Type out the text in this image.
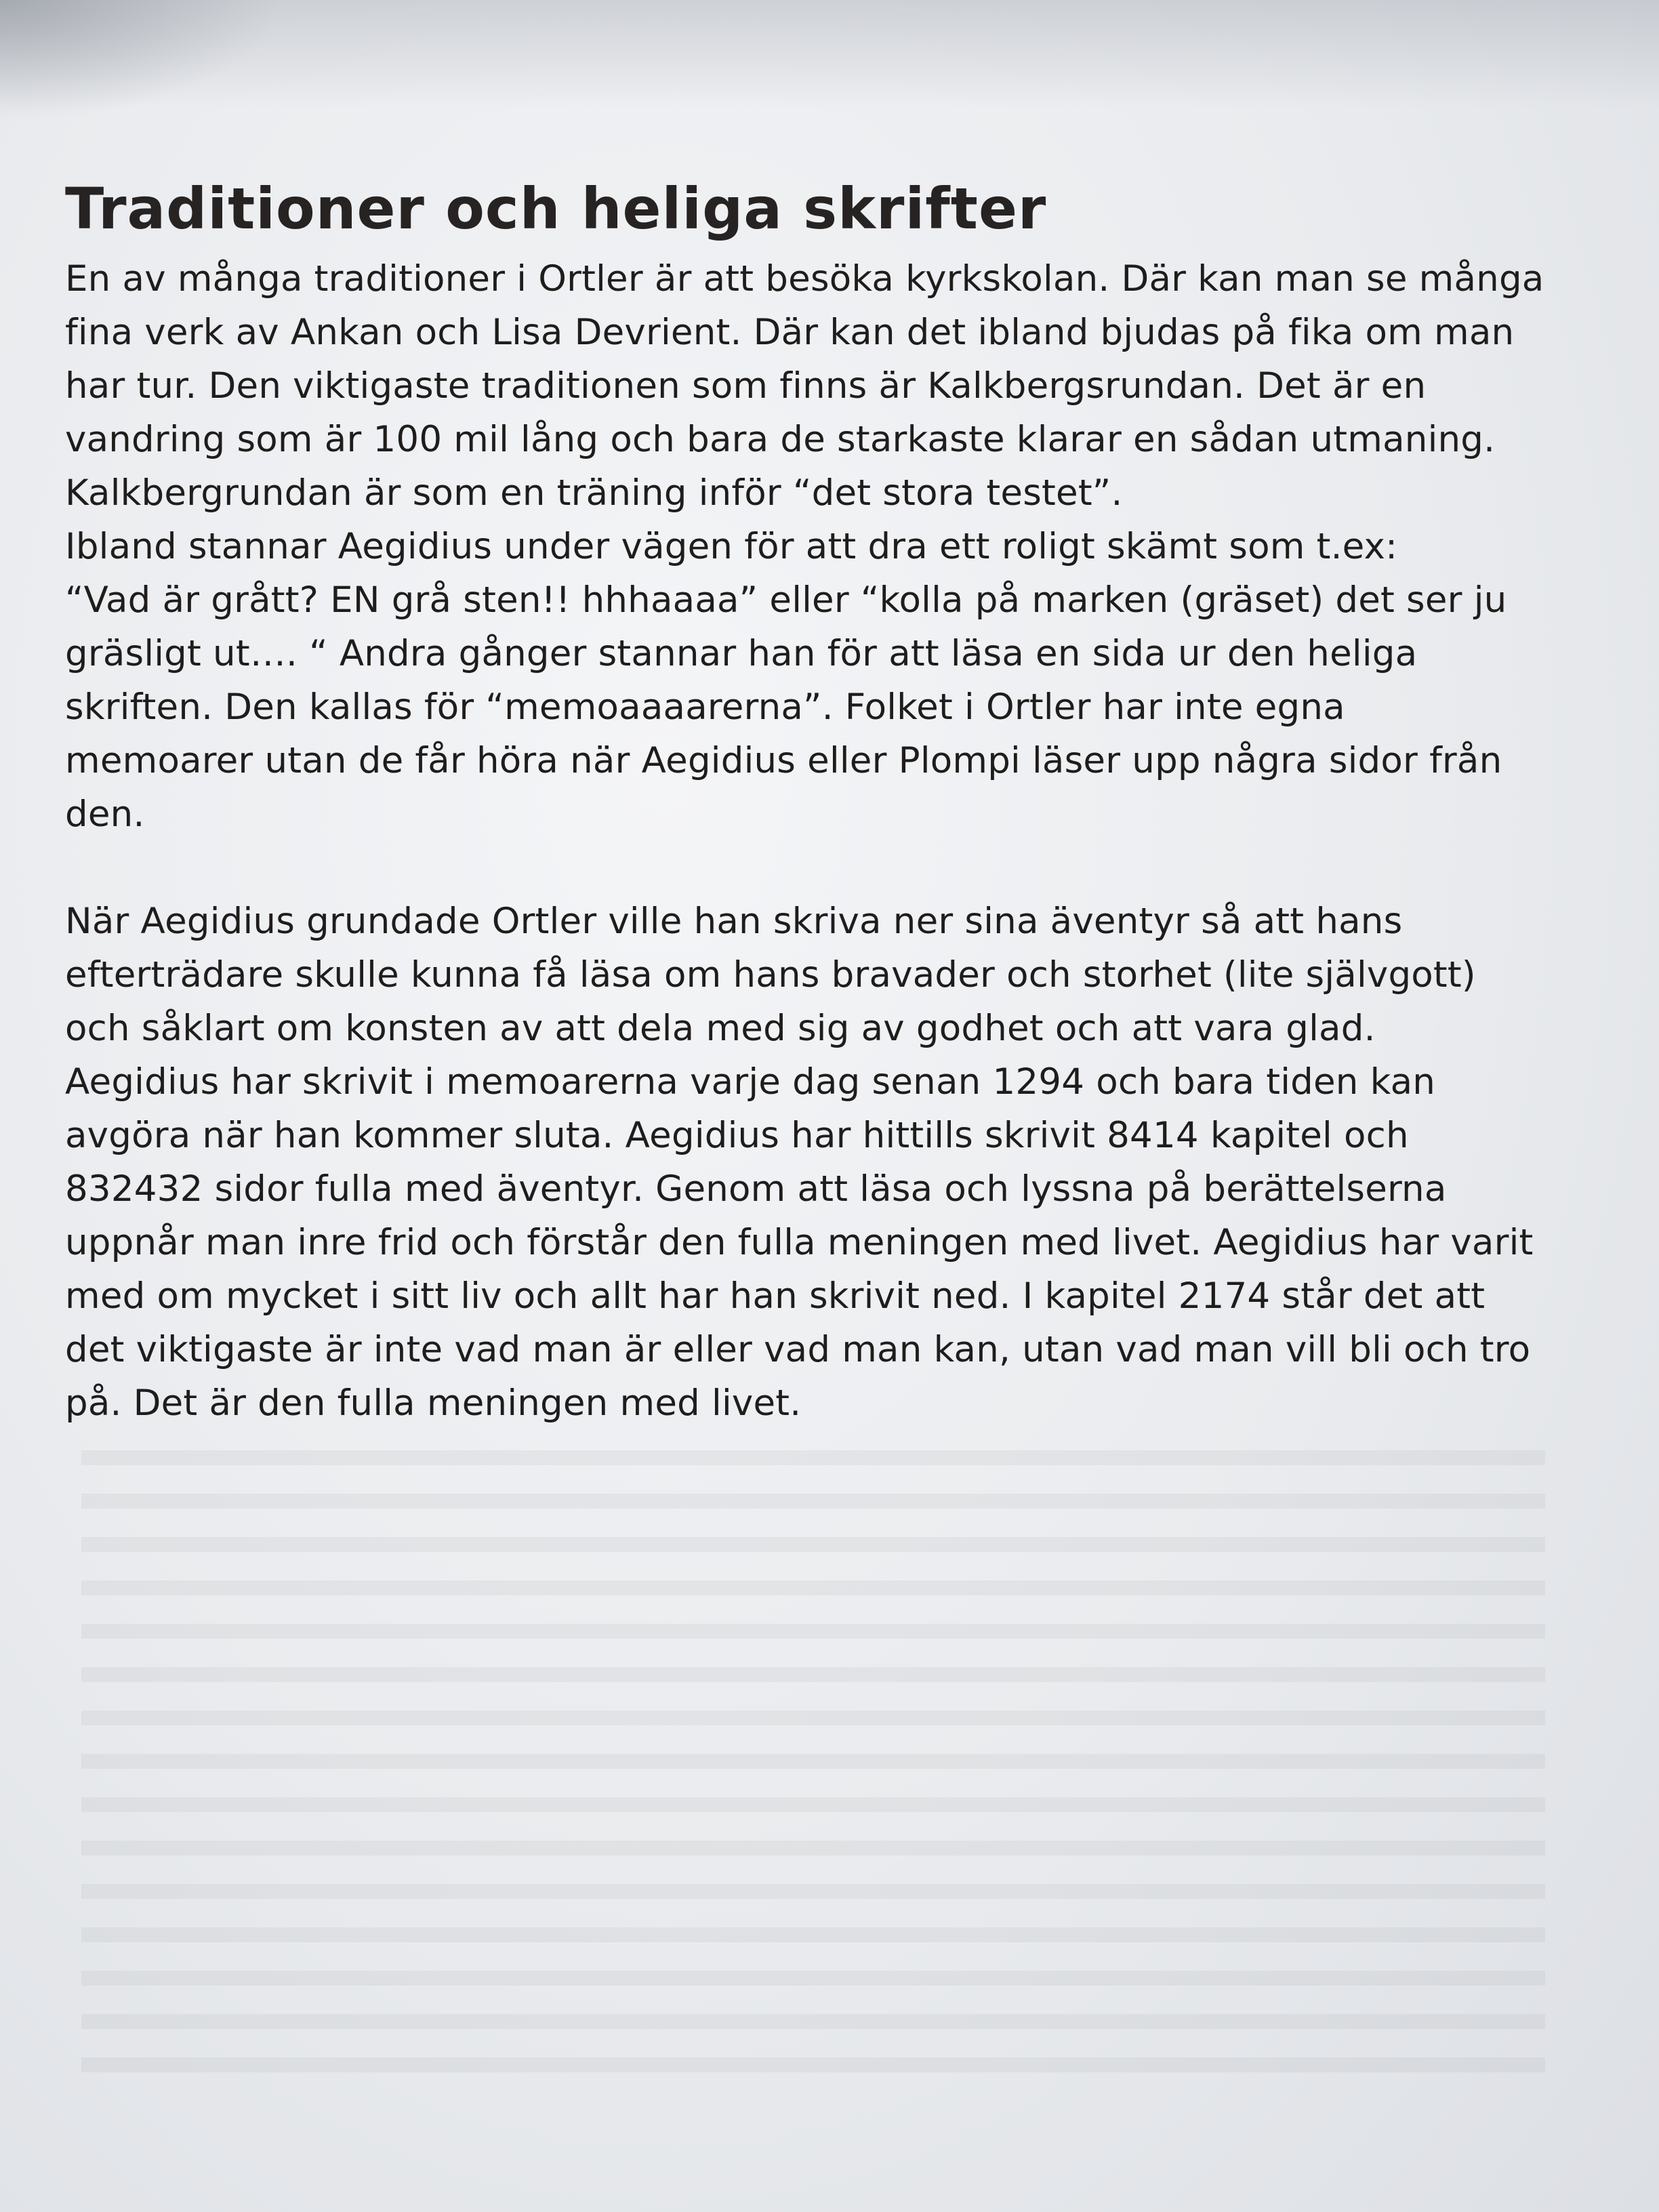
Traditioner och heliga skrifter

En av många traditioner i Ortler är att besöka kyrkskolan. Där kan man se många
fina verk av Ankan och Lisa Devrient. Där kan det ibland bjudas på fika om man
har tur. Den viktigaste traditionen som finns är Kalkbergsrundan. Det är en
vandring som är 100 mil lång och bara de starkaste klarar en sådan utmaning.
Kalkbergrundan är som en träning inför “det stora testet”.
Ibland stannar Aegidius under vägen för att dra ett roligt skämt som t.ex:
“Vad är grått? EN grå sten!! hhhaaaa” eller “kolla på marken (gräset) det ser ju
gräsligt ut…. “ Andra gånger stannar han för att läsa en sida ur den heliga
skriften. Den kallas för “memoaaaarerna”. Folket i Ortler har inte egna
memoarer utan de får höra när Aegidius eller Plompi läser upp några sidor från
den.

När Aegidius grundade Ortler ville han skriva ner sina äventyr så att hans
efterträdare skulle kunna få läsa om hans bravader och storhet (lite självgott)
och såklart om konsten av att dela med sig av godhet och att vara glad.
Aegidius har skrivit i memoarerna varje dag senan 1294 och bara tiden kan
avgöra när han kommer sluta. Aegidius har hittills skrivit 8414 kapitel och
832432 sidor fulla med äventyr. Genom att läsa och lyssna på berättelserna
uppnår man inre frid och förstår den fulla meningen med livet. Aegidius har varit
med om mycket i sitt liv och allt har han skrivit ned. I kapitel 2174 står det att
det viktigaste är inte vad man är eller vad man kan, utan vad man vill bli och tro
på. Det är den fulla meningen med livet.
